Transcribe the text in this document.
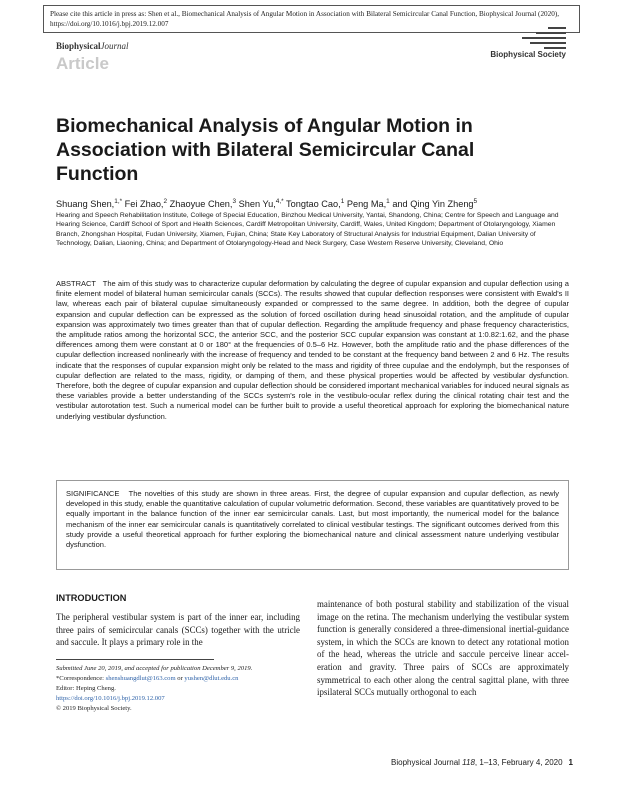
Please cite this article in press as: Shen et al., Biomechanical Analysis of Angular Motion in Association with Bilateral Semicircular Canal Function, Biophysical Journal (2020), https://doi.org/10.1016/j.bpj.2019.12.007
BiophysicalJournal
Article	Biophysical Society
Biomechanical Analysis of Angular Motion in Association with Bilateral Semicircular Canal Function
Shuang Shen,$^{1,*}$ Fei Zhao,$^2$ Zhaoyue Chen,$^3$ Shen Yu,$^{4,*}$ Tongtao Cao,$^1$ Peng Ma,$^1$ and Qing Yin Zheng$^5$
Hearing and Speech Rehabilitation Institute, College of Special Education, Binzhou Medical University, Yantai, Shandong, China; Centre for Speech and Language and Hearing Science, Cardiff School of Sport and Health Sciences, Cardiff Metropolitan University, Cardiff, Wales, United Kingdom; Department of Otolaryngology, Xiamen Branch, Zhongshan Hospital, Fudan University, Xiamen, Fujian, China; State Key Laboratory of Structural Analysis for Industrial Equipment, Dalian University of Technology, Dalian, Liaoning, China; and Department of Otolaryngology-Head and Neck Surgery, Case Western Reserve University, Cleveland, Ohio
ABSTRACT The aim of this study was to characterize cupular deformation by calculating the degree of cupular expansion and cupular deflection using a finite element model of bilateral human semicircular canals (SCCs). The results showed that cupular deflection responses were consistent with Ewald's II law, whereas each pair of bilateral cupulae simultaneously expanded or compressed to the same degree. In addition, both the degree of cupular expansion and cupular deflection can be expressed as the solution of forced oscillation during head sinusoidal rotation, and the amplitude of cupular expansion was approximately two times greater than that of cupular deflection. Regarding the amplitude frequency and phase frequency characteristics, the amplitude ratios among the horizontal SCC, the anterior SCC, and the posterior SCC cupular expansion was constant at 1:0.82:1.62, and the phase differences among them were constant at 0 or 180° at the frequencies of 0.5–6 Hz. However, both the amplitude ratio and the phase differences of the cupular deflection increased nonlinearly with the increase of frequency and tended to be constant at the frequency band between 2 and 6 Hz. The results indicate that the responses of cupular expansion might only be related to the mass and rigidity of three cupulae and the endolymph, but the responses of cupular deflection are related to the mass, rigidity, or damping of them, and these physical properties would be affected by vestibular dysfunction. Therefore, both the degree of cupular expansion and cupular deflection should be considered important mechanical variables for induced neural signals as these variables provide a better understanding of the SCCs system's role in the vestibulo-ocular reflex during the clinical rotating chair test and the vestibular autorotation test. Such a numerical model can be further built to provide a useful theoretical approach for exploring the biomechanical nature underlying vestibular dysfunction.
SIGNIFICANCE The novelties of this study are shown in three areas. First, the degree of cupular expansion and cupular deflection, as newly developed in this study, enable the quantitative calculation of cupular volumetric deformation. Second, these variables are quantitatively proved to be equally important in the balance function of the inner ear semicircular canals. Last, but most importantly, the numerical model for the balance mechanism of the inner ear semicircular canals is quantitatively correlated to clinical vestibular testings. The significant outcomes derived from this study provide a useful theoretical approach for further exploring the biomechanical nature and clinical assessment nature underlying vestibular dysfunction.
INTRODUCTION
The peripheral vestibular system is part of the inner ear, including three pairs of semicircular canals (SCCs) together with the utricle and saccule. It plays a primary role in the
Submitted June 20, 2019, and accepted for publication December 9, 2019.
*Correspondence: shenshuangdlut@163.com or yushen@dlut.edu.cn
Editor: Heping Cheng.
https://doi.org/10.1016/j.bpj.2019.12.007
© 2019 Biophysical Society.
maintenance of both postural stability and stabilization of the visual image on the retina. The mechanism underlying the vestibular system function is generally considered a three-dimensional inertial-guidance system, in which the SCCs are known to detect any rotational motion of the head, whereas the utricle and saccule perceive linear acceleration and gravity. Three pairs of SCCs are approximately symmetrical to each other along the central sagittal plane, with three ipsilateral SCCs mutually orthogonal to each
Biophysical Journal 118, 1–13, February 4, 2020 1
